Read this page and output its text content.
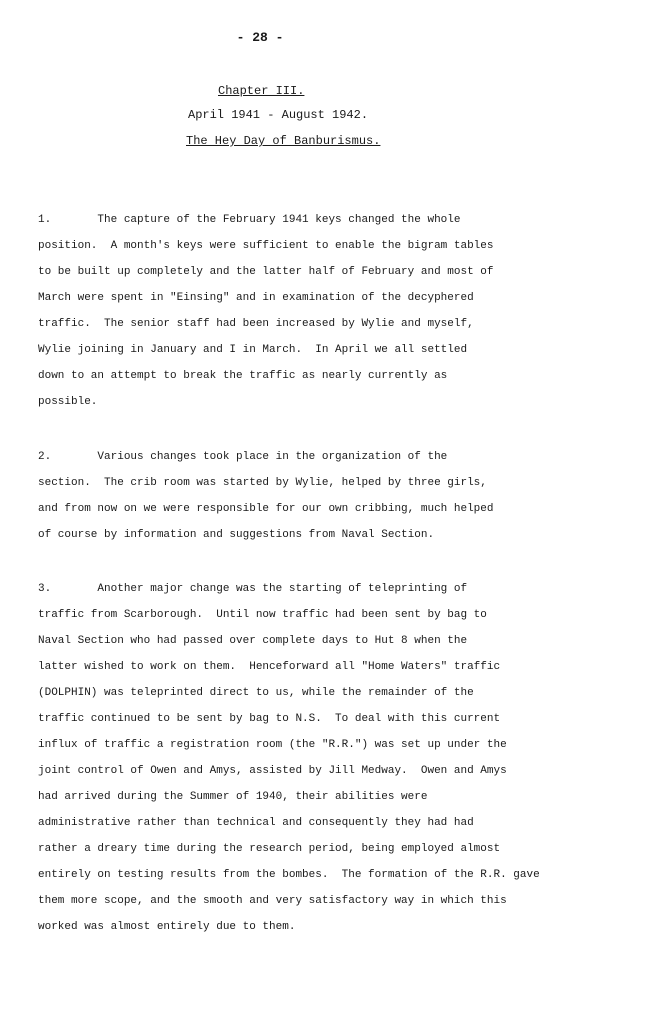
- 28 -
Chapter III.
April 1941 - August 1942.
The Hey Day of Banburismus.
1.       The capture of the February 1941 keys changed the whole
position.  A month's keys were sufficient to enable the bigram tables
to be built up completely and the latter half of February and most of
March were spent in "Einsing" and in examination of the decyphered
traffic.  The senior staff had been increased by Wylie and myself,
Wylie joining in January and I in March.  In April we all settled
down to an attempt to break the traffic as nearly currently as
possible.
2.       Various changes took place in the organization of the
section.  The crib room was started by Wylie, helped by three girls,
and from now on we were responsible for our own cribbing, much helped
of course by information and suggestions from Naval Section.
3.       Another major change was the starting of teleprinting of
traffic from Scarborough.  Until now traffic had been sent by bag to
Naval Section who had passed over complete days to Hut 8 when the
latter wished to work on them.  Henceforward all "Home Waters" traffic
(DOLPHIN) was teleprinted direct to us, while the remainder of the
traffic continued to be sent by bag to N.S.  To deal with this current
influx of traffic a registration room (the "R.R.") was set up under the
joint control of Owen and Amys, assisted by Jill Medway.  Owen and Amys
had arrived during the Summer of 1940, their abilities were
administrative rather than technical and consequently they had had
rather a dreary time during the research period, being employed almost
entirely on testing results from the bombes.  The formation of the R.R. gave
them more scope, and the smooth and very satisfactory way in which this
worked was almost entirely due to them.
